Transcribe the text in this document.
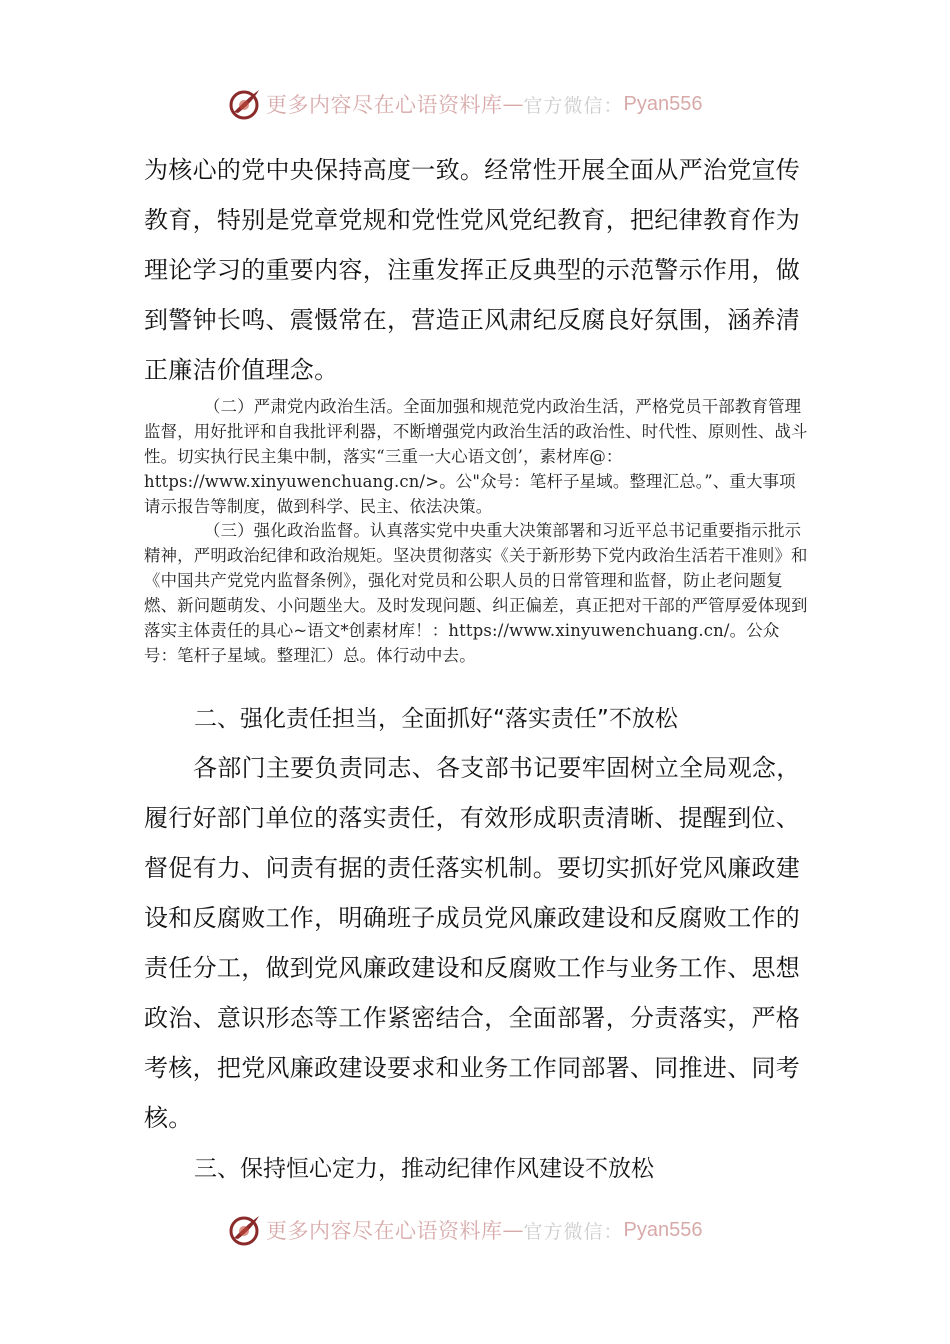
更多内容尽在心语资料库 — 官方微信： Pyan556

为核心的党中央保持高度一致。经常性开展全面从严治党宣传教育，特别是党章党规和党性党风党纪教育，把纪律教育作为理论学习的重要内容，注重发挥正反典型的示范警示作用，做到警钟长鸣、震慑常在，营造正风肃纪反腐良好氛围，涵养清正廉洁价值理念。

（二）严肃党内政治生活。全面加强和规范党内政治生活，严格党员干部教育管理监督，用好批评和自我批评利器，不断增强党内政治生活的政治性、时代性、原则性、战斗性。切实执行民主集中制，落实“三重一大心语文创’，素材库@：https://www.xinyuwenchuang.cn/>。公"众号：笔杆子星域。整理汇总。”、重大事项请示报告等制度，做到科学、民主、依法决策。

（三）强化政治监督。认真落实党中央重大决策部署和习近平总书记重要指示批示精神，严明政治纪律和政治规矩。坚决贯彻落实《关于新形势下党内政治生活若干准则》和《中国共产党党内监督条例》，强化对党员和公职人员的日常管理和监督，防止老问题复燃、新问题萌发、小问题坐大。及时发现问题、纠正偏差，真正把对干部的严管厚爱体现到落实主体责任的具心~语文*创素材库！：https://www.xinyuwenchuang.cn/。公众号：笔杆子星域。整理汇）总。体行动中去。

二、强化责任担当，全面抓好“落实责任”不放松

各部门主要负责同志、各支部书记要牢固树立全局观念，履行好部门单位的落实责任，有效形成职责清晰、提醒到位、督促有力、问责有据的责任落实机制。要切实抓好党风廉政建设和反腐败工作，明确班子成员党风廉政建设和反腐败工作的责任分工，做到党风廉政建设和反腐败工作与业务工作、思想政治、意识形态等工作紧密结合，全面部署，分责落实，严格考核，把党风廉政建设要求和业务工作同部署、同推进、同考核。

三、保持恒心定力，推动纪律作风建设不放松
更多内容尽在心语资料库 — 官方微信： Pyan556
